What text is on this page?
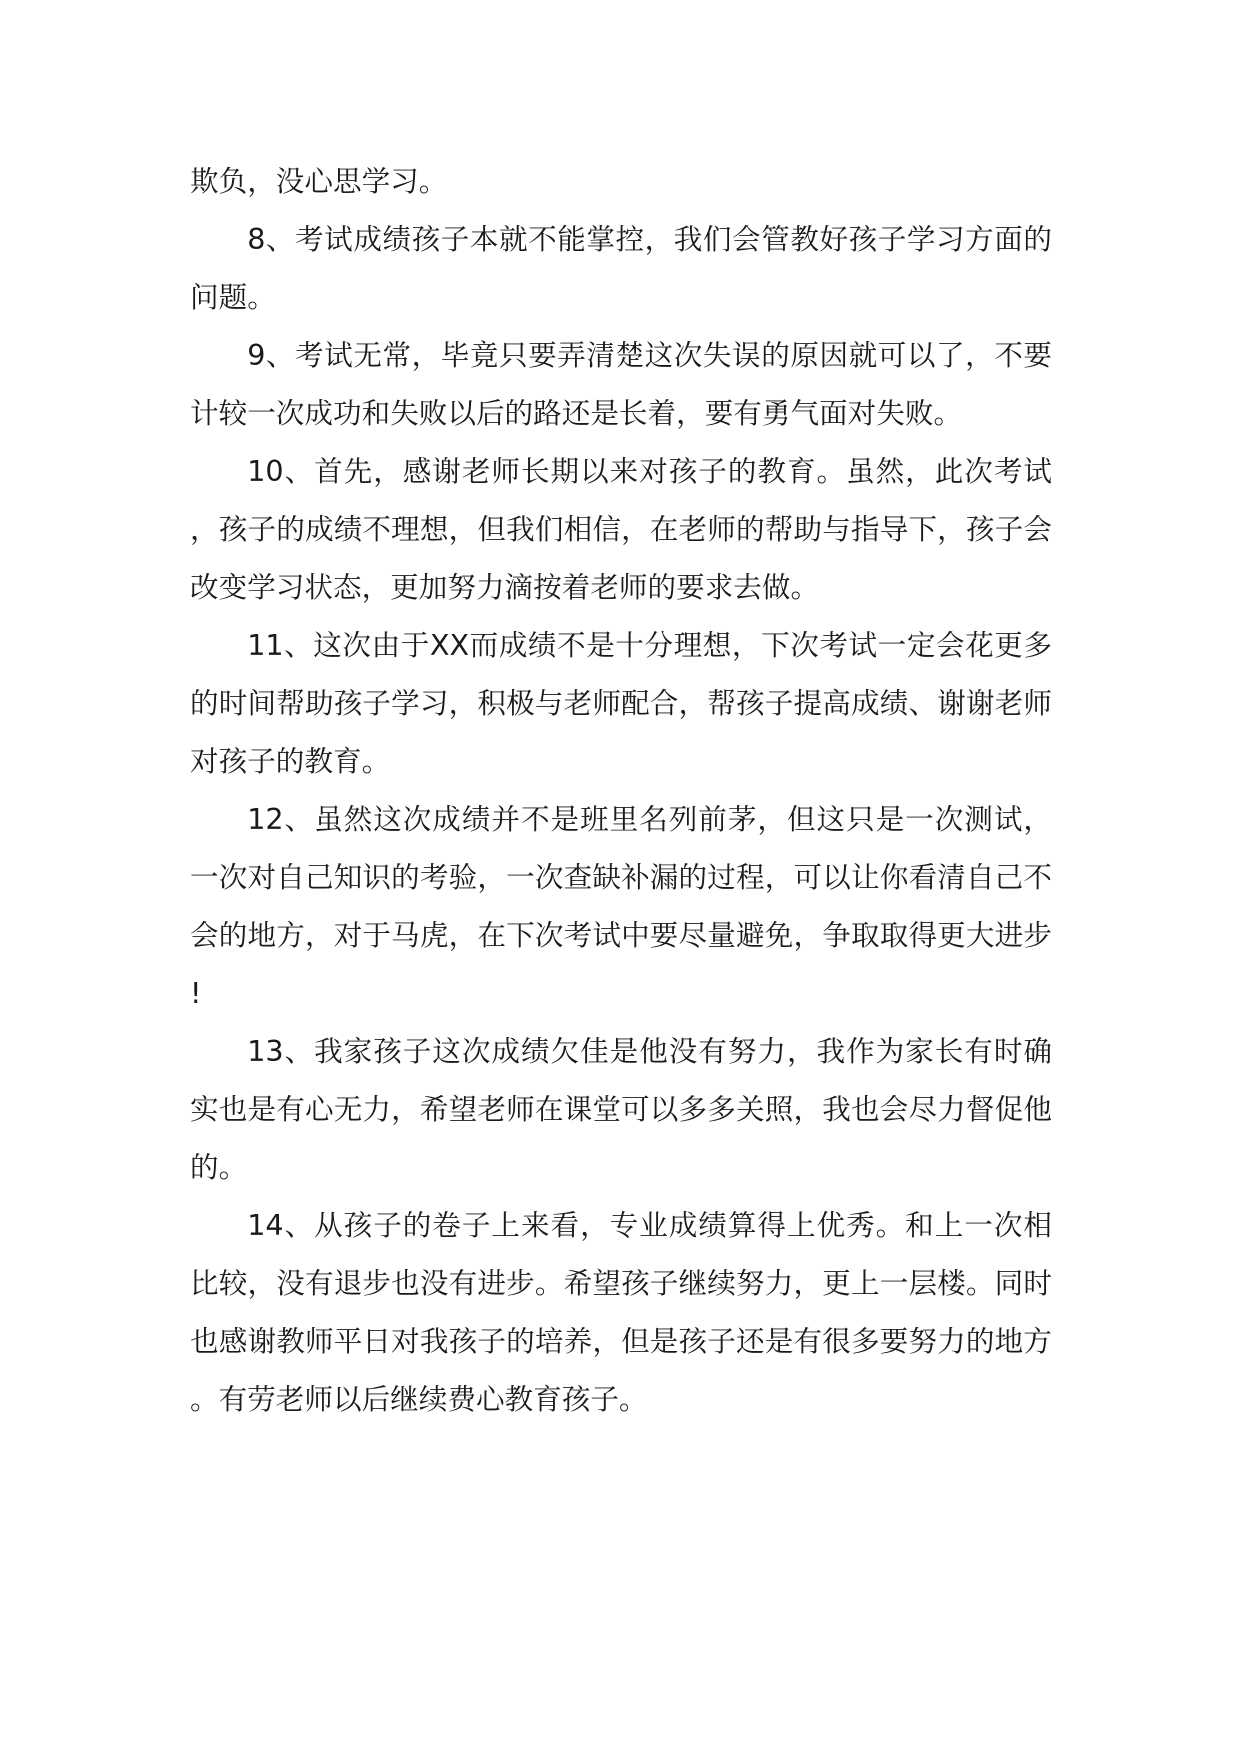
欺负，没心思学习。

8、考试成绩孩子本就不能掌控，我们会管教好孩子学习方面的问题。

9、考试无常，毕竟只要弄清楚这次失误的原因就可以了，不要计较一次成功和失败以后的路还是长着，要有勇气面对失败。

10、首先，感谢老师长期以来对孩子的教育。虽然，此次考试，孩子的成绩不理想，但我们相信，在老师的帮助与指导下，孩子会改变学习状态，更加努力滴按着老师的要求去做。

11、这次由于XX而成绩不是十分理想，下次考试一定会花更多的时间帮助孩子学习，积极与老师配合，帮孩子提高成绩、谢谢老师对孩子的教育。

12、虽然这次成绩并不是班里名列前茅，但这只是一次测试，一次对自己知识的考验，一次查缺补漏的过程，可以让你看清自己不会的地方，对于马虎，在下次考试中要尽量避免，争取取得更大进步!

13、我家孩子这次成绩欠佳是他没有努力，我作为家长有时确实也是有心无力，希望老师在课堂可以多多关照，我也会尽力督促他的。

14、从孩子的卷子上来看，专业成绩算得上优秀。和上一次相比较，没有退步也没有进步。希望孩子继续努力，更上一层楼。同时也感谢教师平日对我孩子的培养，但是孩子还是有很多要努力的地方。有劳老师以后继续费心教育孩子。
